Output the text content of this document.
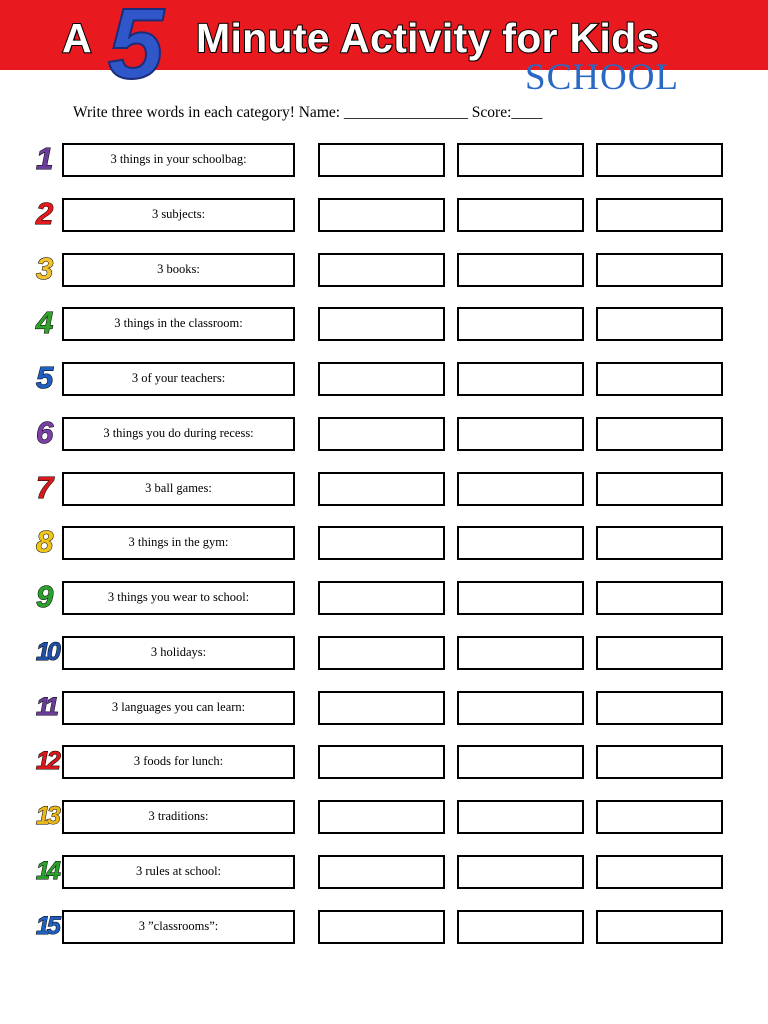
A 5 Minute Activity for Kids
SCHOOL
Write three words in each category! Name: ________________ Score:____
1	3 things in your schoolbag:
2	3 subjects:
3	3 books:
4	3 things in the classroom:
5	3 of your teachers:
6	3 things you do during recess:
7	3 ball games:
8	3 things in the gym:
9	3 things you wear to school:
10	3 holidays:
11	3 languages you can learn:
12	3 foods for lunch:
13	3 traditions:
14	3 rules at school:
15	3 ”classrooms”:
